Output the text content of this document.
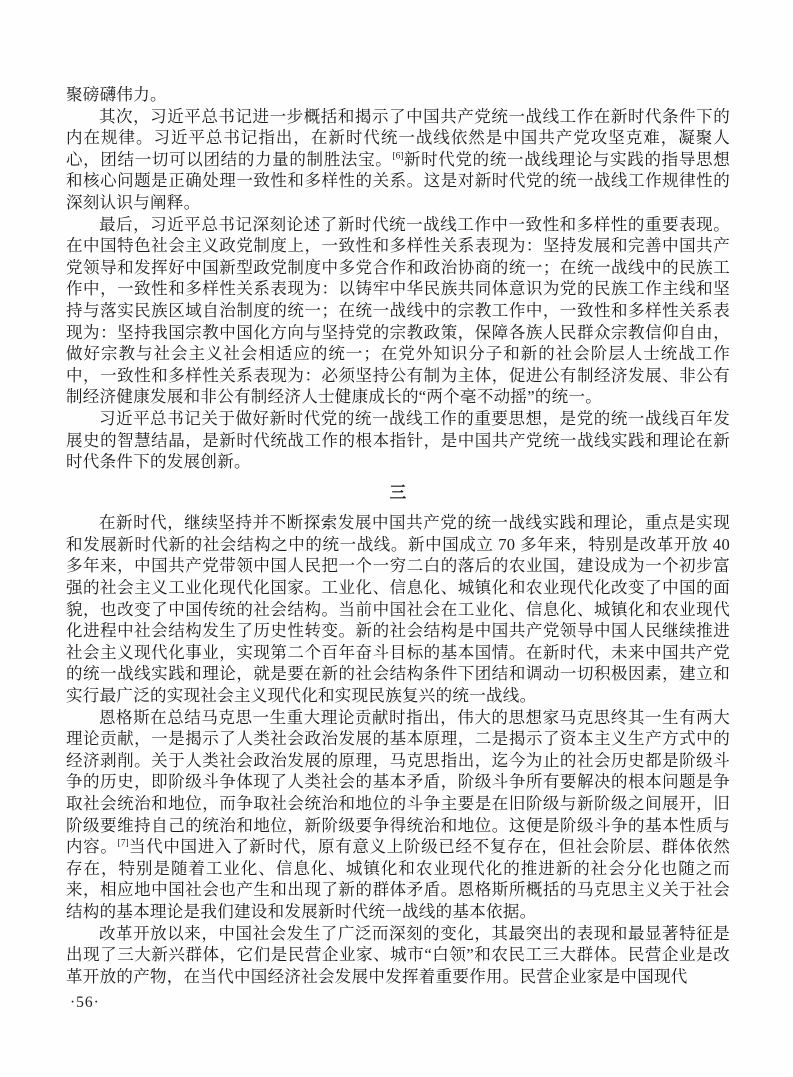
聚磅礴伟力。

其次，习近平总书记进一步概括和揭示了中国共产党统一战线工作在新时代条件下的内在规律。习近平总书记指出，在新时代统一战线依然是中国共产党攻坚克难，凝聚人心，团结一切可以团结的力量的制胜法宝。[6]新时代党的统一战线理论与实践的指导思想和核心问题是正确处理一致性和多样性的关系。这是对新时代党的统一战线工作规律性的深刻认识与阐释。

最后，习近平总书记深刻论述了新时代统一战线工作中一致性和多样性的重要表现。在中国特色社会主义政党制度上，一致性和多样性关系表现为：坚持发展和完善中国共产党领导和发挥好中国新型政党制度中多党合作和政治协商的统一；在统一战线中的民族工作中，一致性和多样性关系表现为：以铸牢中华民族共同体意识为党的民族工作主线和坚持与落实民族区域自治制度的统一；在统一战线中的宗教工作中，一致性和多样性关系表现为：坚持我国宗教中国化方向与坚持党的宗教政策，保障各族人民群众宗教信仰自由，做好宗教与社会主义社会相适应的统一；在党外知识分子和新的社会阶层人士统战工作中，一致性和多样性关系表现为：必须坚持公有制为主体，促进公有制经济发展、非公有制经济健康发展和非公有制经济人士健康成长的“两个毫不动摇”的统一。

习近平总书记关于做好新时代党的统一战线工作的重要思想，是党的统一战线百年发展史的智慧结晶，是新时代统战工作的根本指针，是中国共产党统一战线实践和理论在新时代条件下的发展创新。

三

在新时代，继续坚持并不断探索发展中国共产党的统一战线实践和理论，重点是实现和发展新时代新的社会结构之中的统一战线。新中国成立 70 多年来，特别是改革开放 40 多年来，中国共产党带领中国人民把一个一穷二白的落后的农业国，建设成为一个初步富强的社会主义工业化现代化国家。工业化、信息化、城镇化和农业现代化改变了中国的面貌，也改变了中国传统的社会结构。当前中国社会在工业化、信息化、城镇化和农业现代化进程中社会结构发生了历史性转变。新的社会结构是中国共产党领导中国人民继续推进社会主义现代化事业，实现第二个百年奋斗目标的基本国情。在新时代，未来中国共产党的统一战线实践和理论，就是要在新的社会结构条件下团结和调动一切积极因素，建立和实行最广泛的实现社会主义现代化和实现民族复兴的统一战线。

恩格斯在总结马克思一生重大理论贡献时指出，伟大的思想家马克思终其一生有两大理论贡献，一是揭示了人类社会政治发展的基本原理，二是揭示了资本主义生产方式中的经济剥削。关于人类社会政治发展的原理，马克思指出，迄今为止的社会历史都是阶级斗争的历史，即阶级斗争体现了人类社会的基本矛盾，阶级斗争所有要解决的根本问题是争取社会统治和地位，而争取社会统治和地位的斗争主要是在旧阶级与新阶级之间展开，旧阶级要维持自己的统治和地位，新阶级要争得统治和地位。这便是阶级斗争的基本性质与内容。[7]当代中国进入了新时代，原有意义上阶级已经不复存在，但社会阶层、群体依然存在，特别是随着工业化、信息化、城镇化和农业现代化的推进新的社会分化也随之而来，相应地中国社会也产生和出现了新的群体矛盾。恩格斯所概括的马克思主义关于社会结构的基本理论是我们建设和发展新时代统一战线的基本依据。

改革开放以来，中国社会发生了广泛而深刻的变化，其最突出的表现和最显著特征是出现了三大新兴群体，它们是民营企业家、城市“白领”和农民工三大群体。民营企业是改革开放的产物，在当代中国经济社会发展中发挥着重要作用。民营企业家是中国现代

·56·
